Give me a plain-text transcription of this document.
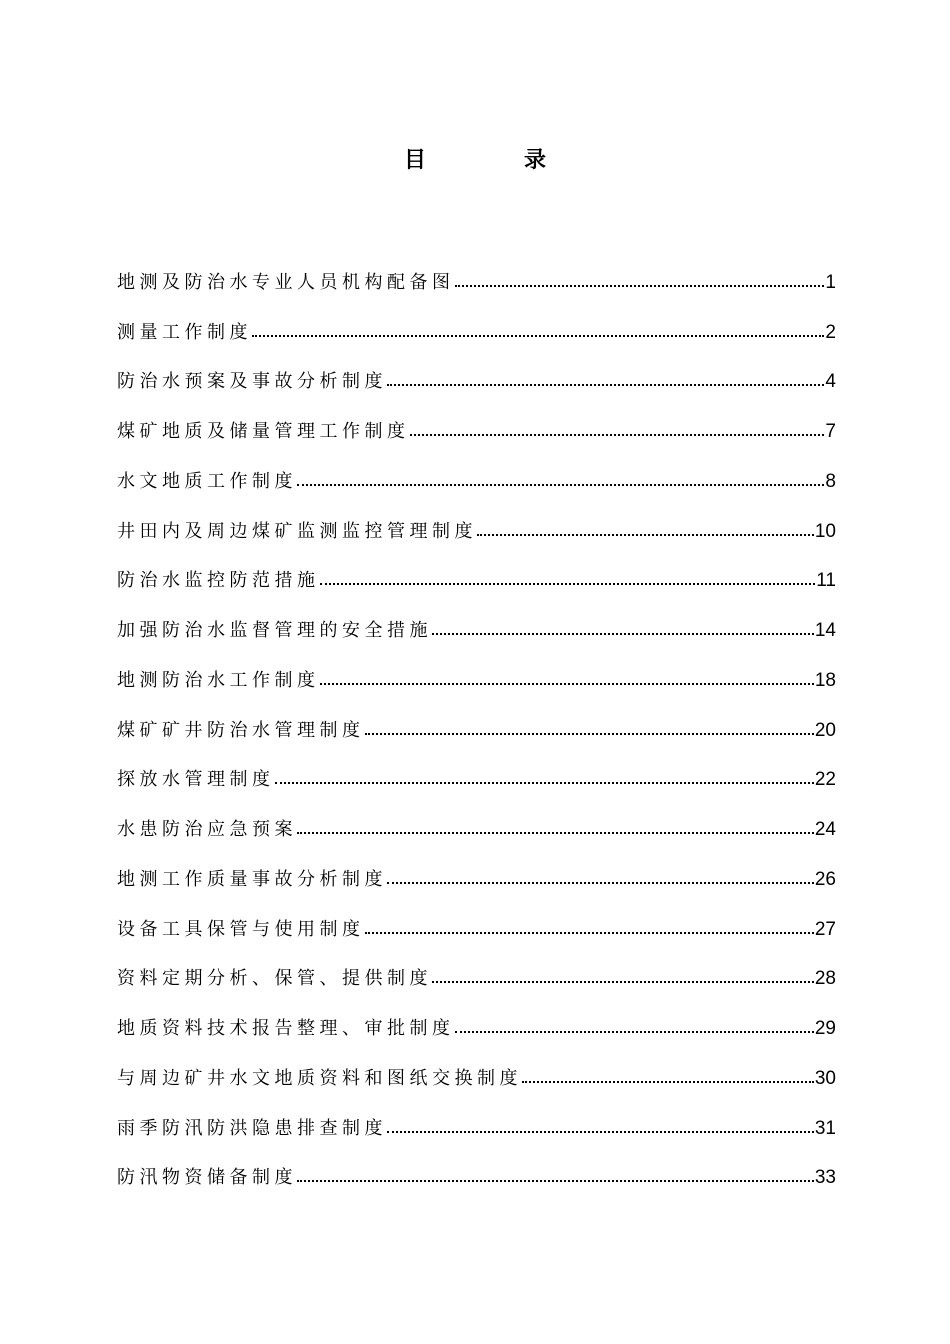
目　录
地测及防治水专业人员机构配备图	1
测量工作制度	2
防治水预案及事故分析制度	4
煤矿地质及储量管理工作制度	7
水文地质工作制度	8
井田内及周边煤矿监测监控管理制度	10
防治水监控防范措施	11
加强防治水监督管理的安全措施	14
地测防治水工作制度	18
煤矿矿井防治水管理制度	20
探放水管理制度	22
水患防治应急预案	24
地测工作质量事故分析制度	26
设备工具保管与使用制度	27
资料定期分析、保管、提供制度	28
地质资料技术报告整理、审批制度	29
与周边矿井水文地质资料和图纸交换制度	30
雨季防汛防洪隐患排查制度	31
防汛物资储备制度	33
